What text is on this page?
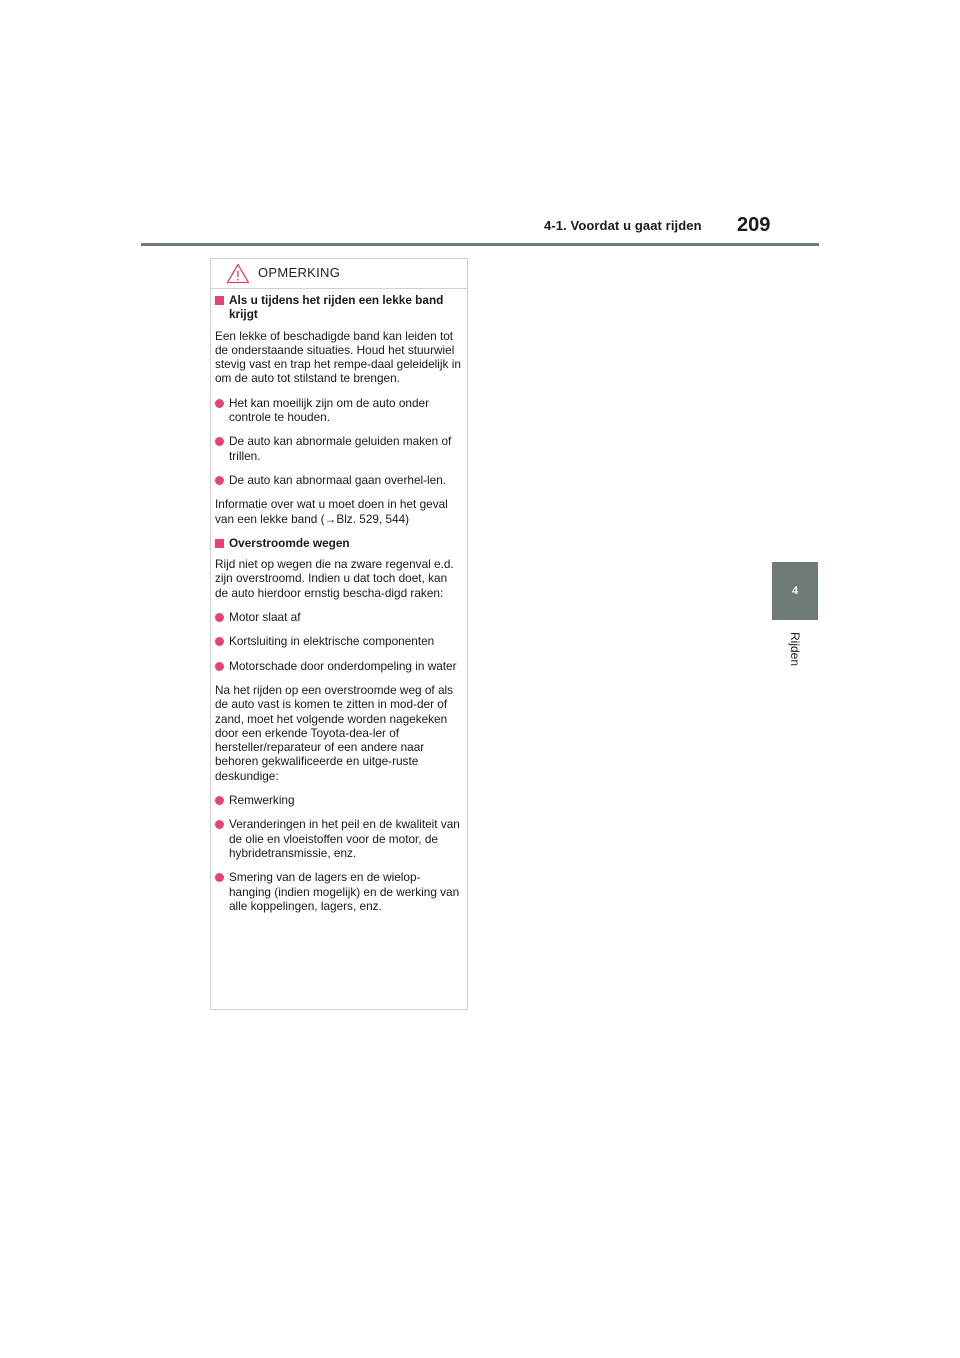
4-1. Voordat u gaat rijden 209
4
Rijden
OPMERKING
Als u tijdens het rijden een lekke band krijgt
Een lekke of beschadigde band kan leiden tot de onderstaande situaties. Houd het stuurwiel stevig vast en trap het rempe-daal geleidelijk in om de auto tot stilstand te brengen.
Het kan moeilijk zijn om de auto onder controle te houden.
De auto kan abnormale geluiden maken of trillen.
De auto kan abnormaal gaan overhel-len.
Informatie over wat u moet doen in het geval van een lekke band (→Blz. 529, 544)
Overstroomde wegen
Rijd niet op wegen die na zware regenval e.d. zijn overstroomd. Indien u dat toch doet, kan de auto hierdoor ernstig bescha-digd raken:
Motor slaat af
Kortsluiting in elektrische componenten
Motorschade door onderdompeling in water
Na het rijden op een overstroomde weg of als de auto vast is komen te zitten in mod-der of zand, moet het volgende worden nagekeken door een erkende Toyota-dea-ler of hersteller/reparateur of een andere naar behoren gekwalificeerde en uitge-ruste deskundige:
Remwerking
Veranderingen in het peil en de kwaliteit van de olie en vloeistoffen voor de motor, de hybridetransmissie, enz.
Smering van de lagers en de wielop-hanging (indien mogelijk) en de werking van alle koppelingen, lagers, enz.
